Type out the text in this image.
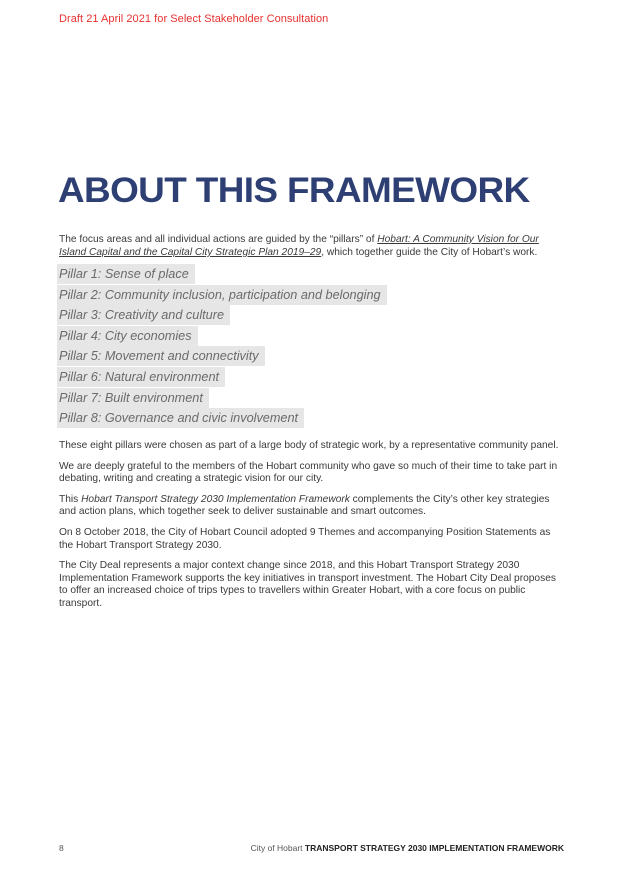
Draft 21 April 2021 for Select Stakeholder Consultation
ABOUT THIS FRAMEWORK

The focus areas and all individual actions are guided by the “pillars” of Hobart: A Community Vision for Our Island Capital and the Capital City Strategic Plan 2019–29, which together guide the City of Hobart’s work.

Pillar 1: Sense of place
Pillar 2: Community inclusion, participation and belonging
Pillar 3: Creativity and culture
Pillar 4: City economies
Pillar 5: Movement and connectivity
Pillar 6: Natural environment
Pillar 7: Built environment
Pillar 8: Governance and civic involvement

These eight pillars were chosen as part of a large body of strategic work, by a representative community panel.

We are deeply grateful to the members of the Hobart community who gave so much of their time to take part in debating, writing and creating a strategic vision for our city.

This Hobart Transport Strategy 2030 Implementation Framework complements the City’s other key strategies and action plans, which together seek to deliver sustainable and smart outcomes.

On 8 October 2018, the City of Hobart Council adopted 9 Themes and accompanying Position Statements as the Hobart Transport Strategy 2030.

The City Deal represents a major context change since 2018, and this Hobart Transport Strategy 2030 Implementation Framework supports the key initiatives in transport investment. The Hobart City Deal proposes to offer an increased choice of trips types to travellers within Greater Hobart, with a core focus on public transport.

8	City of Hobart TRANSPORT STRATEGY 2030 IMPLEMENTATION FRAMEWORK
